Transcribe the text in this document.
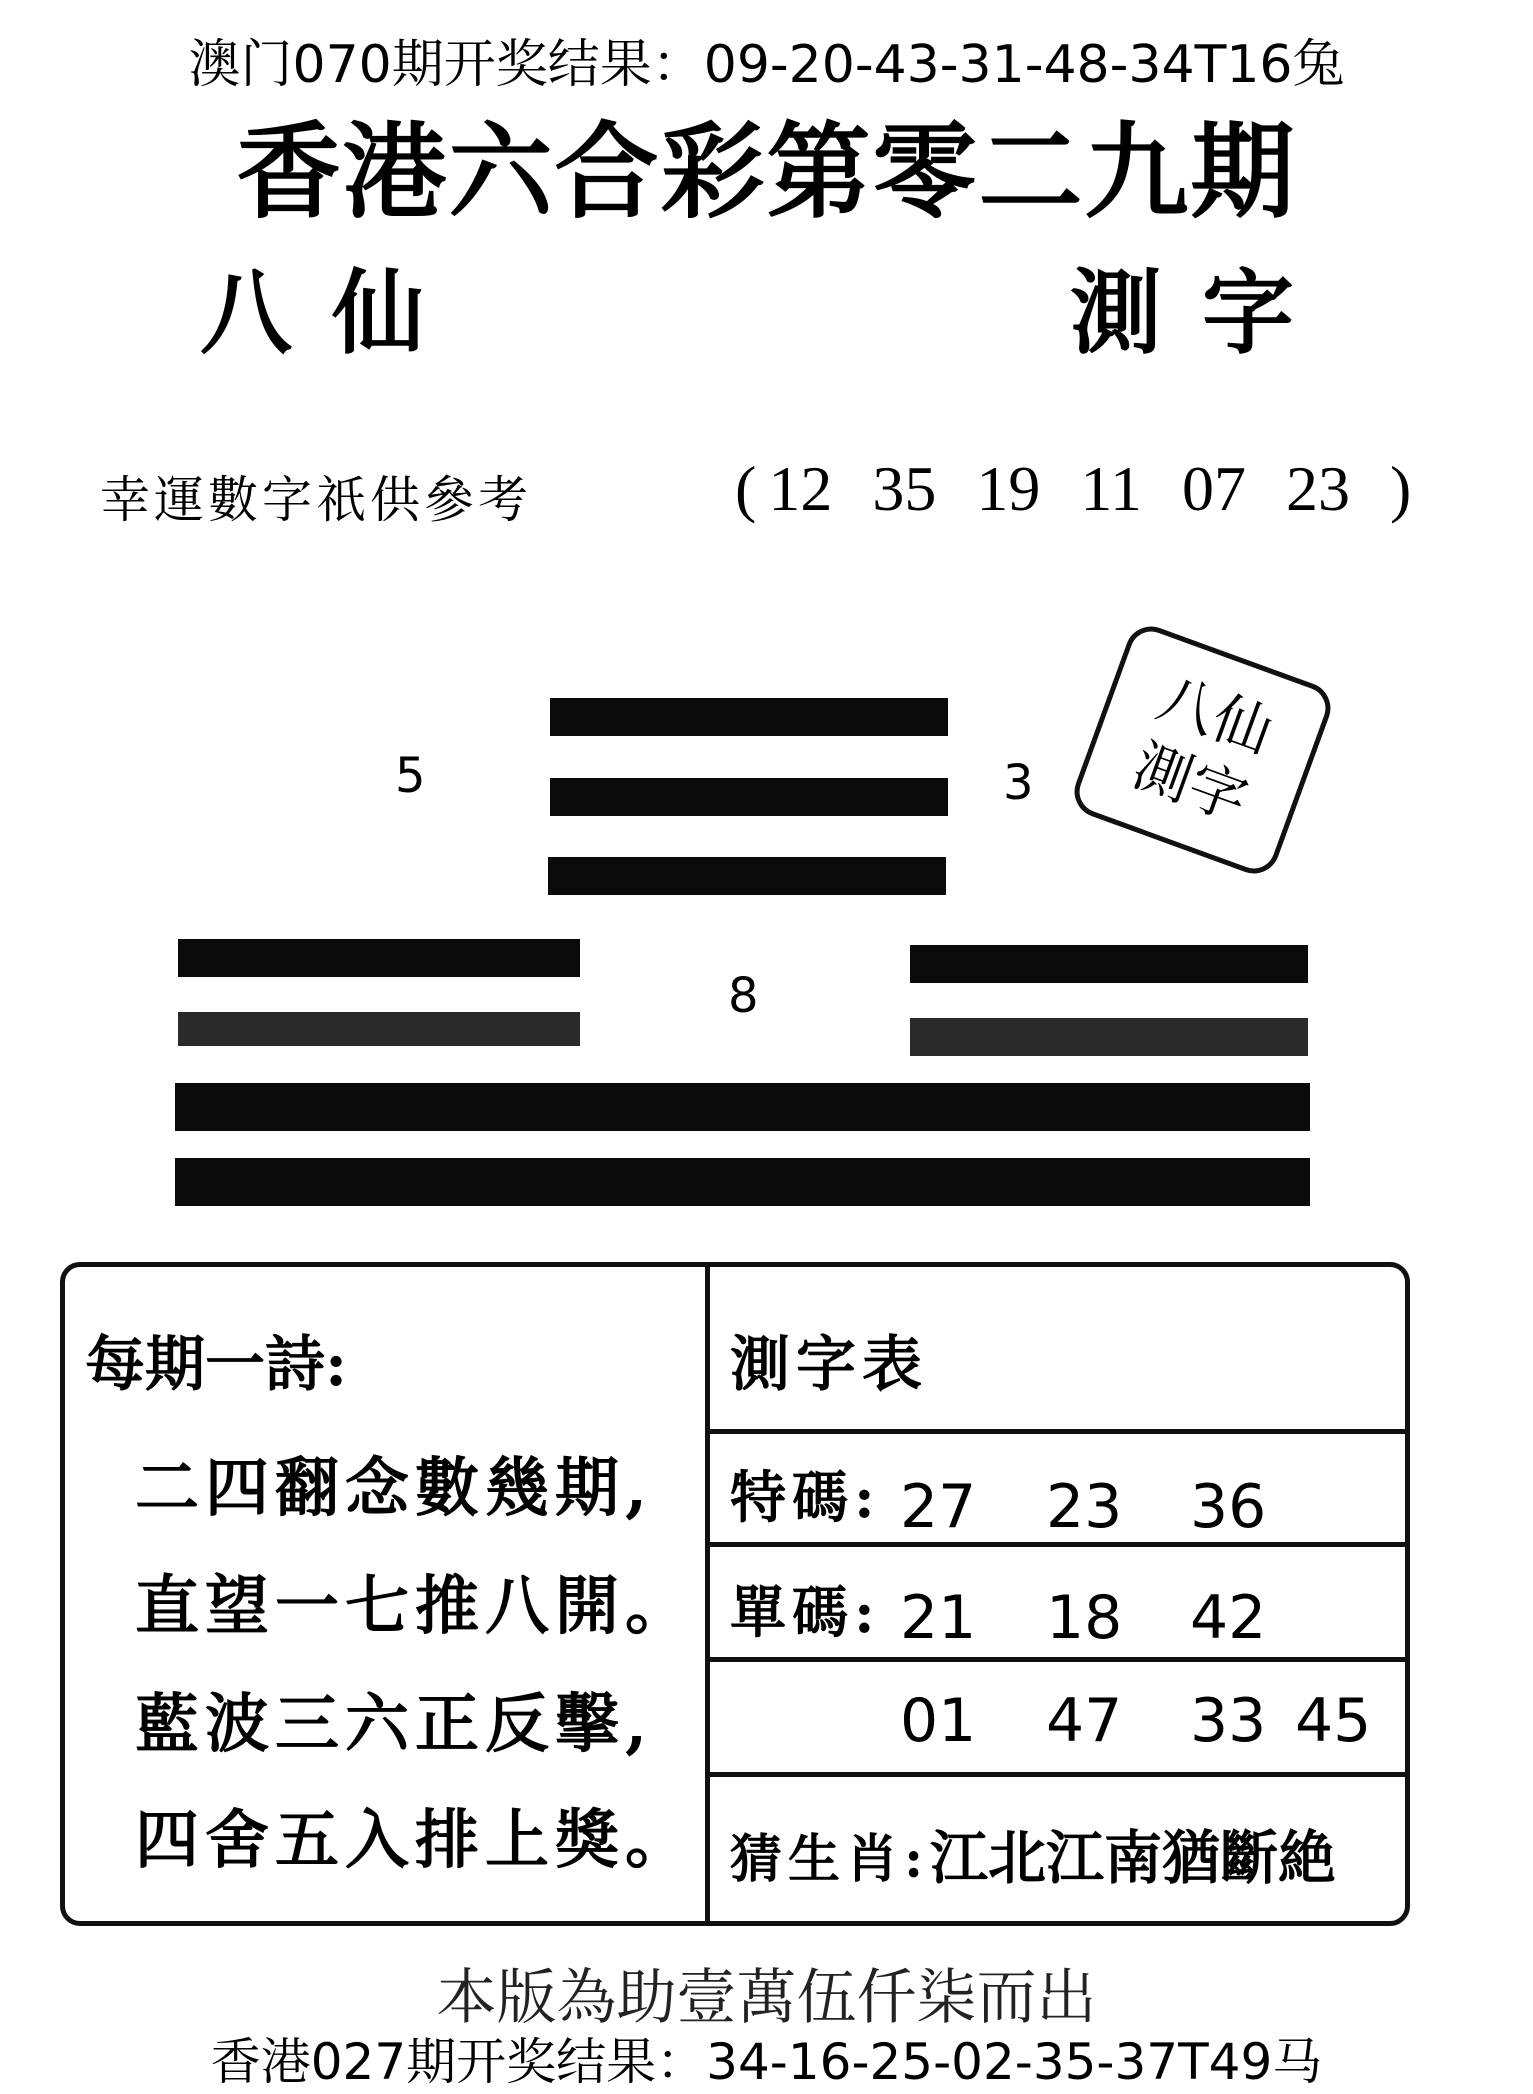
澳门070期开奖结果：09-20-43-31-48-34T16兔
香港六合彩第零二九期
八仙	測字
幸運數字祇供參考	( 12 35 19 11 07 23 )
5	3
8
八仙
測字
每期一詩:
二四翻念數幾期,
直望一七推八開。
藍波三六正反擊,
四舍五入排上獎。
測字表
特碼: 27 23 36
單碼: 21 18 42
01 47 33 45
猜生肖: 江北江南猶斷絶
本版為助壹萬伍仟柒而出
香港027期开奖结果：34-16-25-02-35-37T49马
